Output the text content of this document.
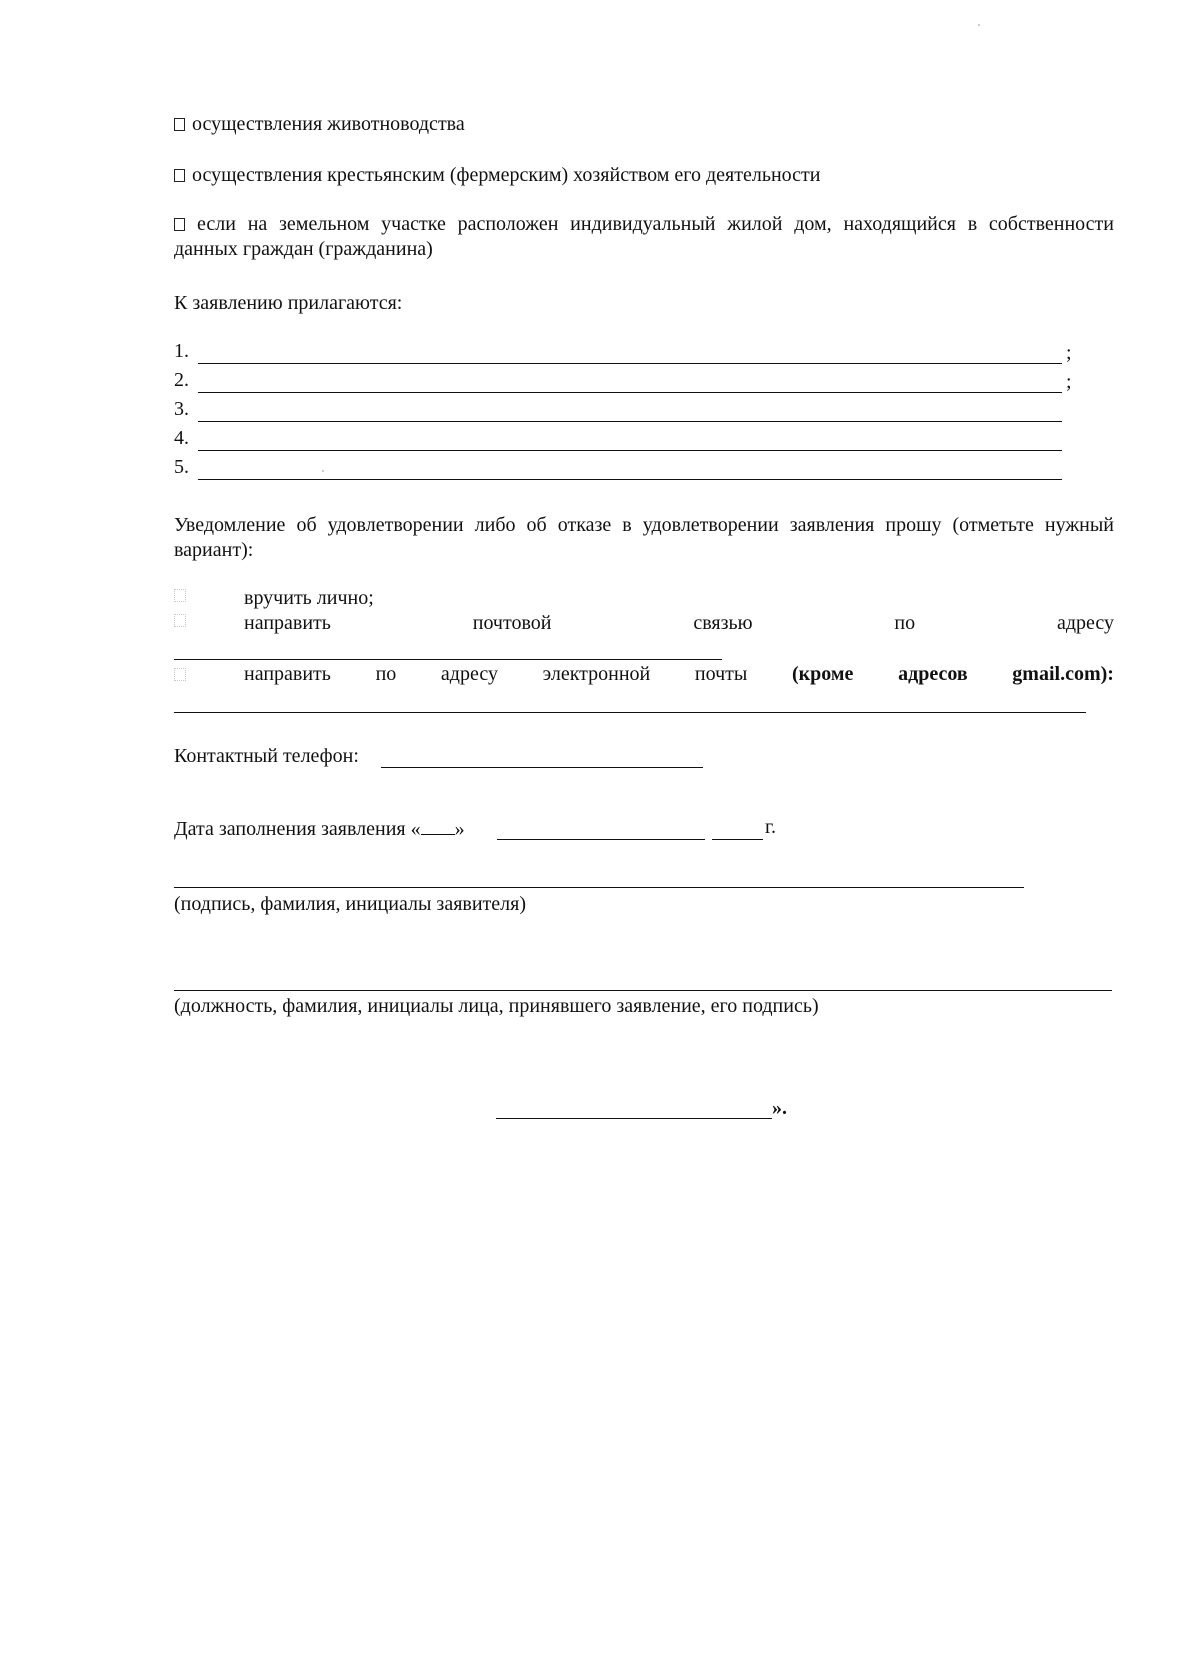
осуществления животноводства
осуществления крестьянским (фермерским) хозяйством его деятельности
если на земельном участке расположен индивидуальный жилой дом, находящийся в собственности данных граждан (гражданина)
К заявлению прилагаются:
1.	;
2.	;
3.
4.
5.
Уведомление об удовлетворении либо об отказе в удовлетворении заявления прошу (отметьте нужный вариант):
вручить лично;
направить	почтовой	связью	по	адресу
направить по адресу электронной почты (кроме адресов gmail.com):
Контактный телефон:
Дата заполнения заявления « »	г.
(подпись, фамилия, инициалы заявителя)
(должность, фамилия, инициалы лица, принявшего заявление, его подпись)
».
